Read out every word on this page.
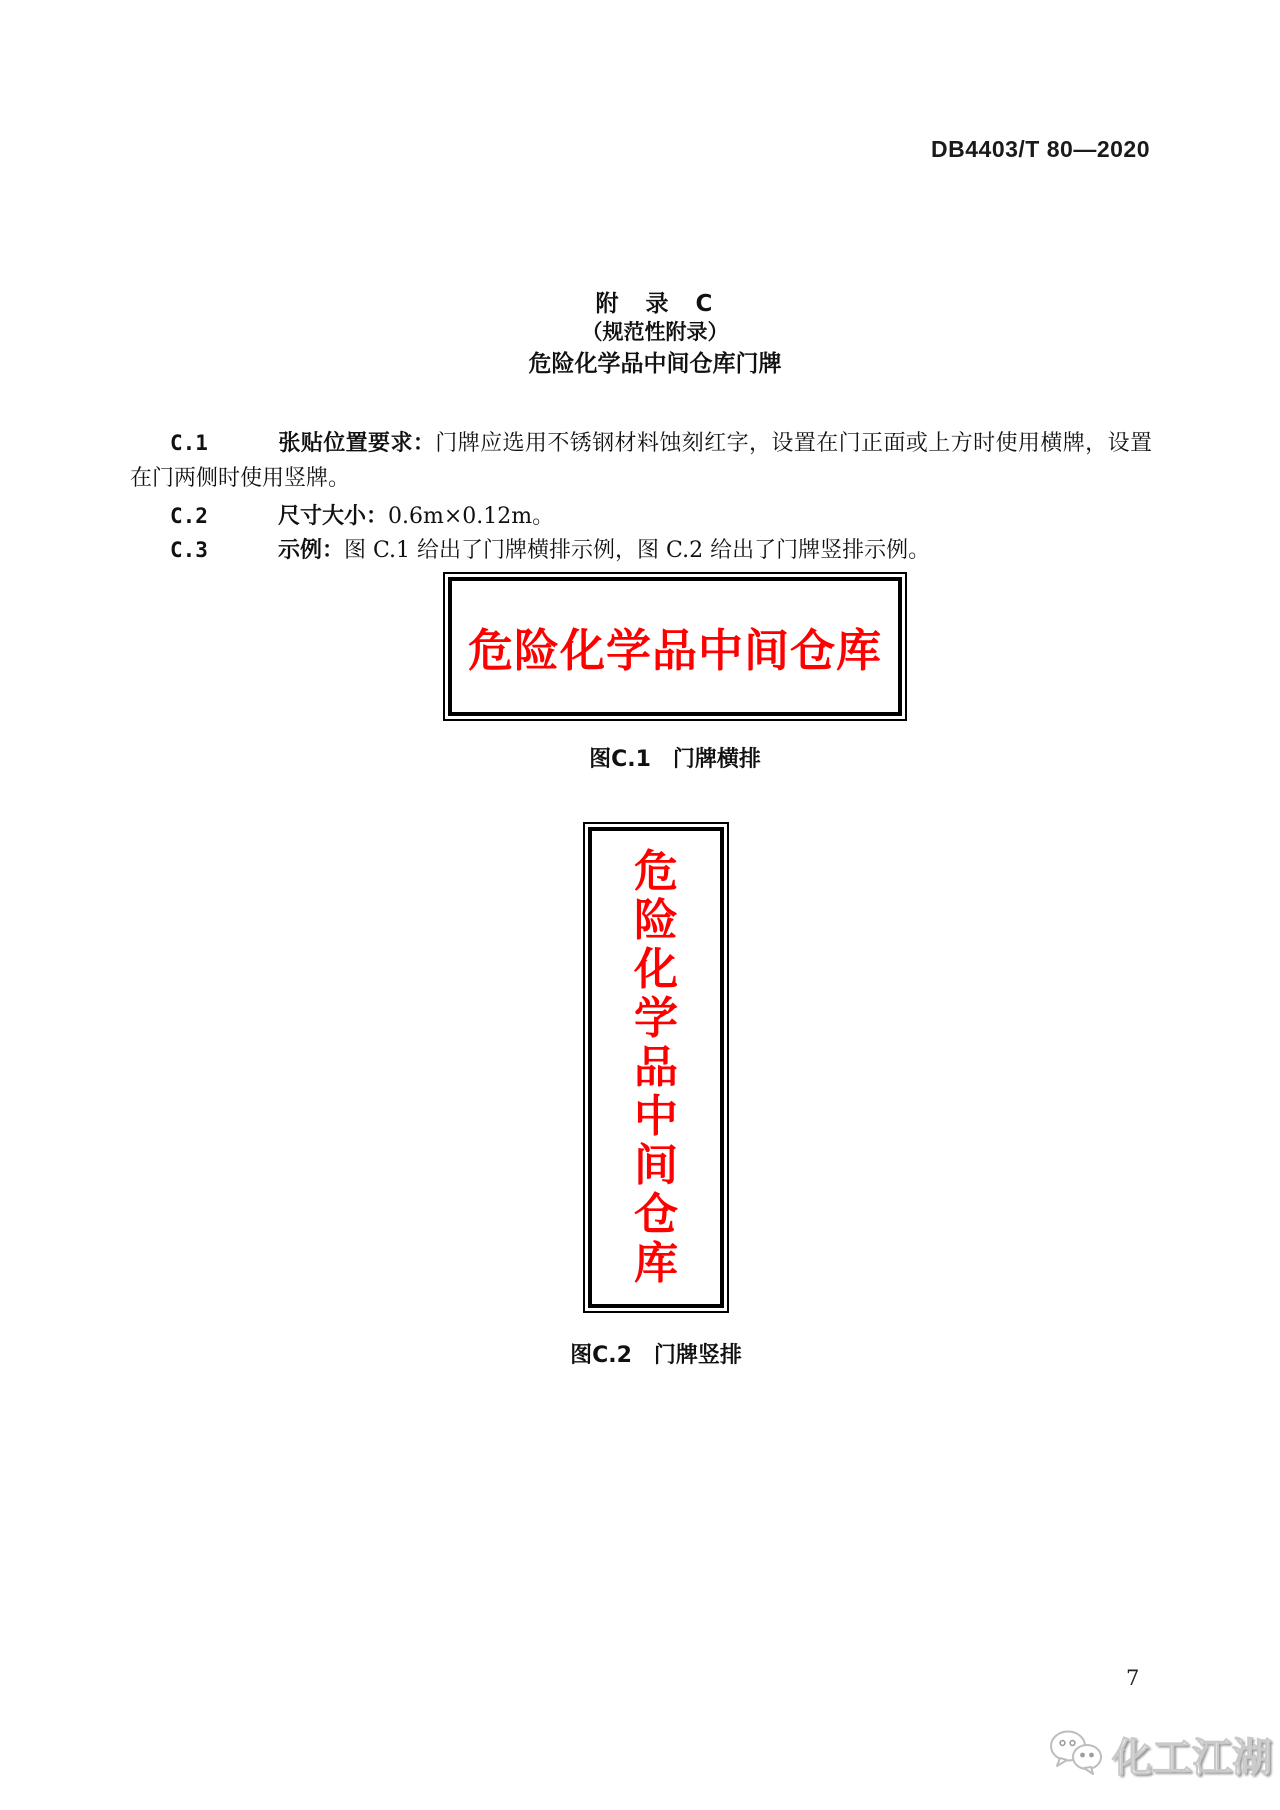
DB4403/T 80—2020
附　录　C
（规范性附录）
危险化学品中间仓库门牌

C.1	张贴位置要求：门牌应选用不锈钢材料蚀刻红字，设置在门正面或上方时使用横牌，设置在门两侧时使用竖牌。

C.2	尺寸大小：0.6m×0.12m。

C.3	示例：图 C.1 给出了门牌横排示例，图 C.2 给出了门牌竖排示例。

危险化学品中间仓库
图C.1　门牌横排
危险化学品中间仓库
图C.2　门牌竖排
7
化工江湖
